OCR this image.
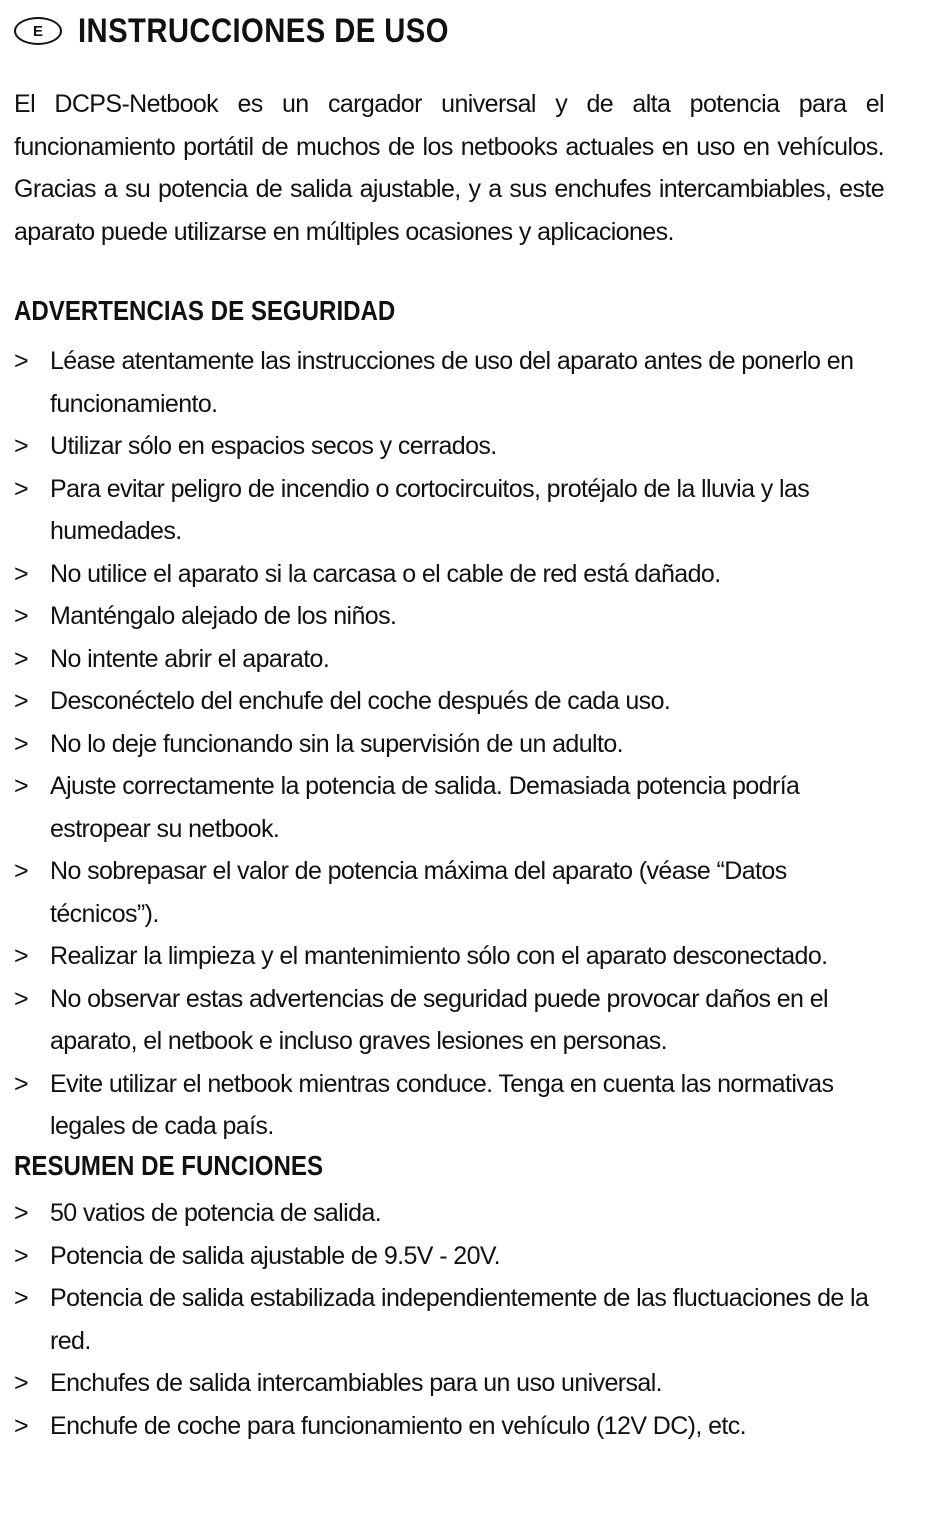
E	INSTRUCCIONES DE USO

El DCPS-Netbook es un cargador universal y de alta potencia para el funcionamiento portátil de muchos de los netbooks actuales en uso en vehículos. Gracias a su potencia de salida ajustable, y a sus enchufes intercambiables, este aparato puede utilizarse en múltiples ocasiones y aplicaciones.

ADVERTENCIAS DE SEGURIDAD
> Léase atentamente las instrucciones de uso del aparato antes de ponerlo en funcionamiento.
> Utilizar sólo en espacios secos y cerrados.
> Para evitar peligro de incendio o cortocircuitos, protéjalo de la lluvia y las humedades.
> No utilice el aparato si la carcasa o el cable de red está dañado.
> Manténgalo alejado de los niños.
> No intente abrir el aparato.
> Desconéctelo del enchufe del coche después de cada uso.
> No lo deje funcionando sin la supervisión de un adulto.
> Ajuste correctamente la potencia de salida. Demasiada potencia podría estropear su netbook.
> No sobrepasar el valor de potencia máxima del aparato (véase “Datos técnicos”).
> Realizar la limpieza y el mantenimiento sólo con el aparato desconectado.
> No observar estas advertencias de seguridad puede provocar daños en el aparato, el netbook e incluso graves lesiones en personas.
> Evite utilizar el netbook mientras conduce. Tenga en cuenta las normativas legales de cada país.
RESUMEN DE FUNCIONES
> 50 vatios de potencia de salida.
> Potencia de salida ajustable de 9.5V - 20V.
> Potencia de salida estabilizada independientemente de las fluctuaciones de la red.
> Enchufes de salida intercambiables para un uso universal.
> Enchufe de coche para funcionamiento en vehículo (12V DC), etc.
